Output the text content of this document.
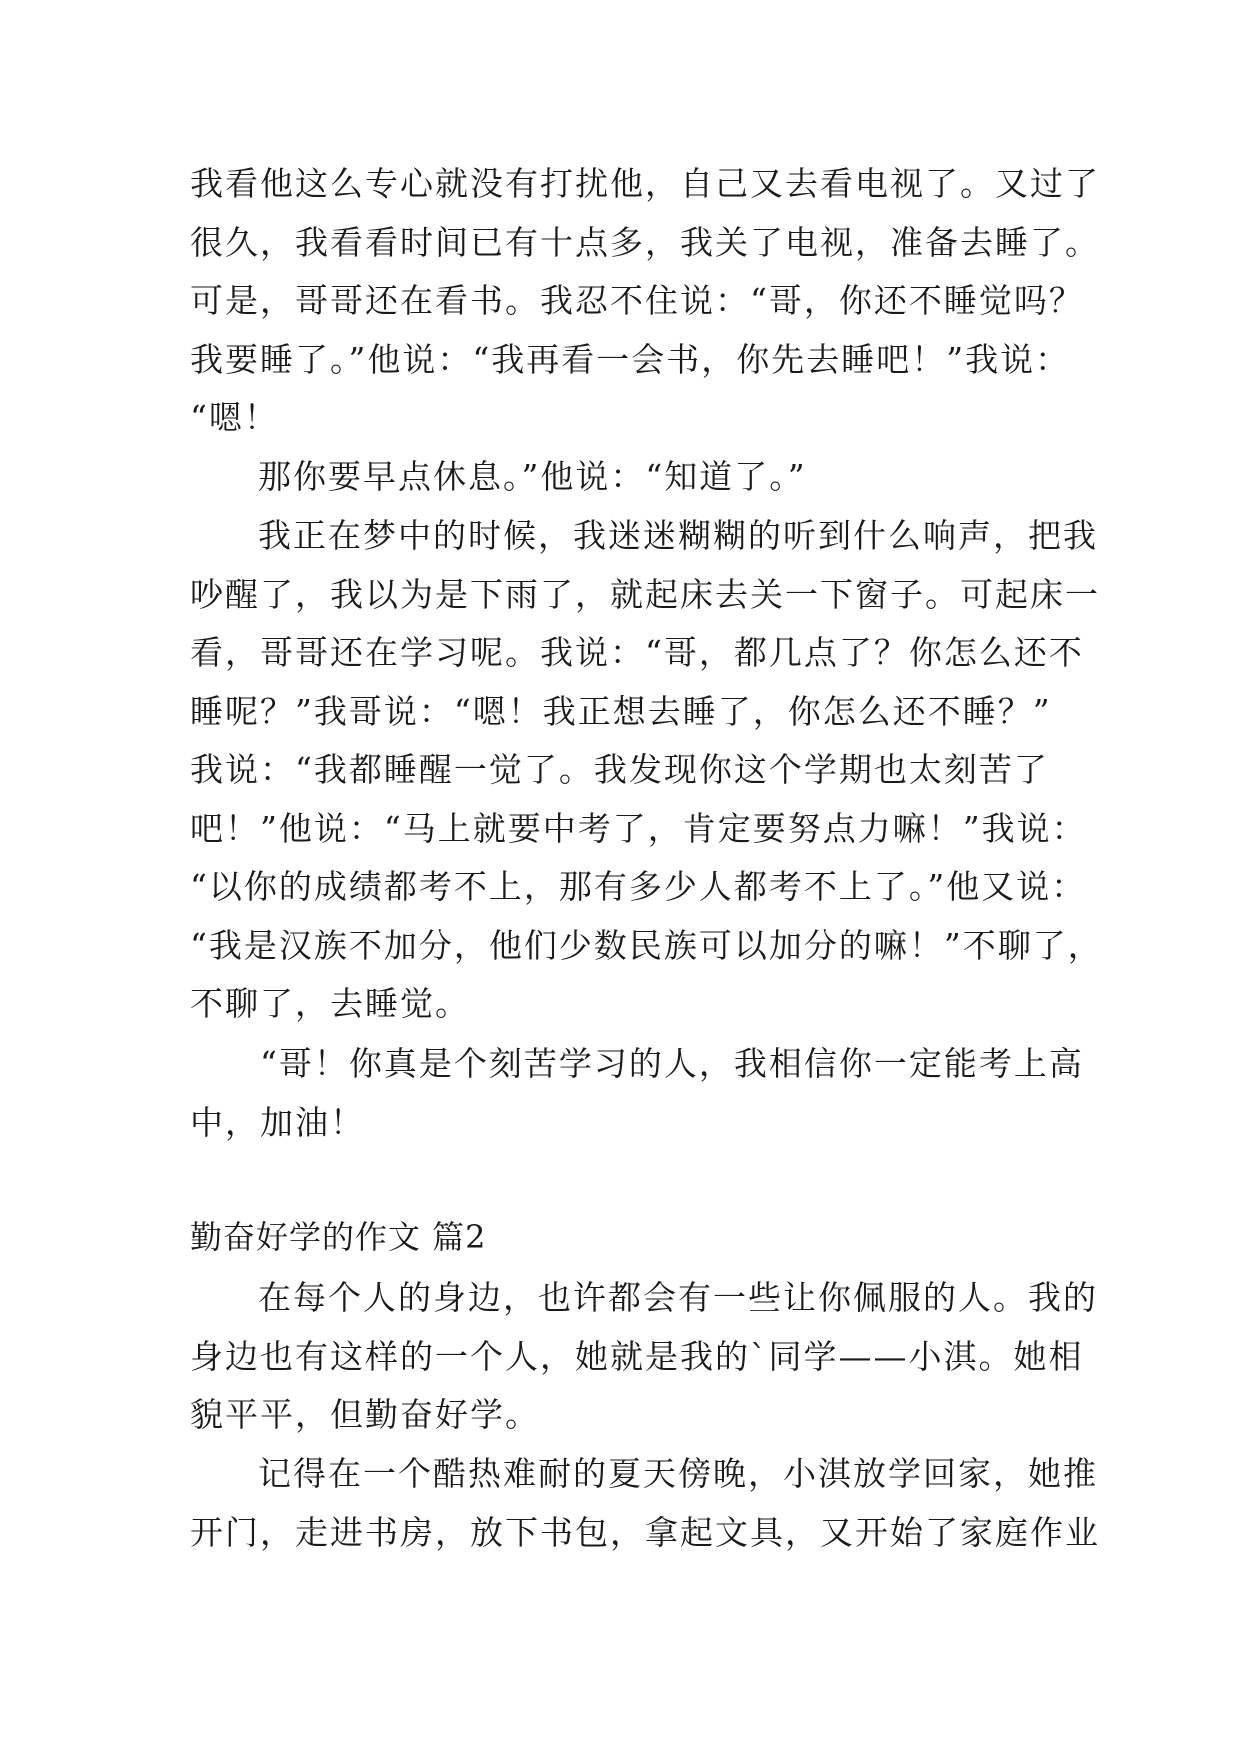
我看他这么专心就没有打扰他，自己又去看电视了。又过了
很久，我看看时间已有十点多，我关了电视，准备去睡了。
可是，哥哥还在看书。我忍不住说：“哥，你还不睡觉吗？
我要睡了。”他说：“我再看一会书，你先去睡吧！”我说：
“嗯！
那你要早点休息。”他说：“知道了。”
我正在梦中的时候，我迷迷糊糊的听到什么响声，把我
吵醒了，我以为是下雨了，就起床去关一下窗子。可起床一
看，哥哥还在学习呢。我说：“哥，都几点了？你怎么还不
睡呢？”我哥说：“嗯！我正想去睡了，你怎么还不睡？”
我说：“我都睡醒一觉了。我发现你这个学期也太刻苦了
吧！”他说：“马上就要中考了，肯定要努点力嘛！”我说：
“以你的成绩都考不上，那有多少人都考不上了。”他又说：
“我是汉族不加分，他们少数民族可以加分的嘛！”不聊了，
不聊了，去睡觉。
“哥！你真是个刻苦学习的人，我相信你一定能考上高
中，加油！
勤奋好学的作文 篇2
在每个人的身边，也许都会有一些让你佩服的人。我的
身边也有这样的一个人，她就是我的`同学——小淇。她相
貌平平，但勤奋好学。
记得在一个酷热难耐的夏天傍晚，小淇放学回家，她推
开门，走进书房，放下书包，拿起文具，又开始了家庭作业
